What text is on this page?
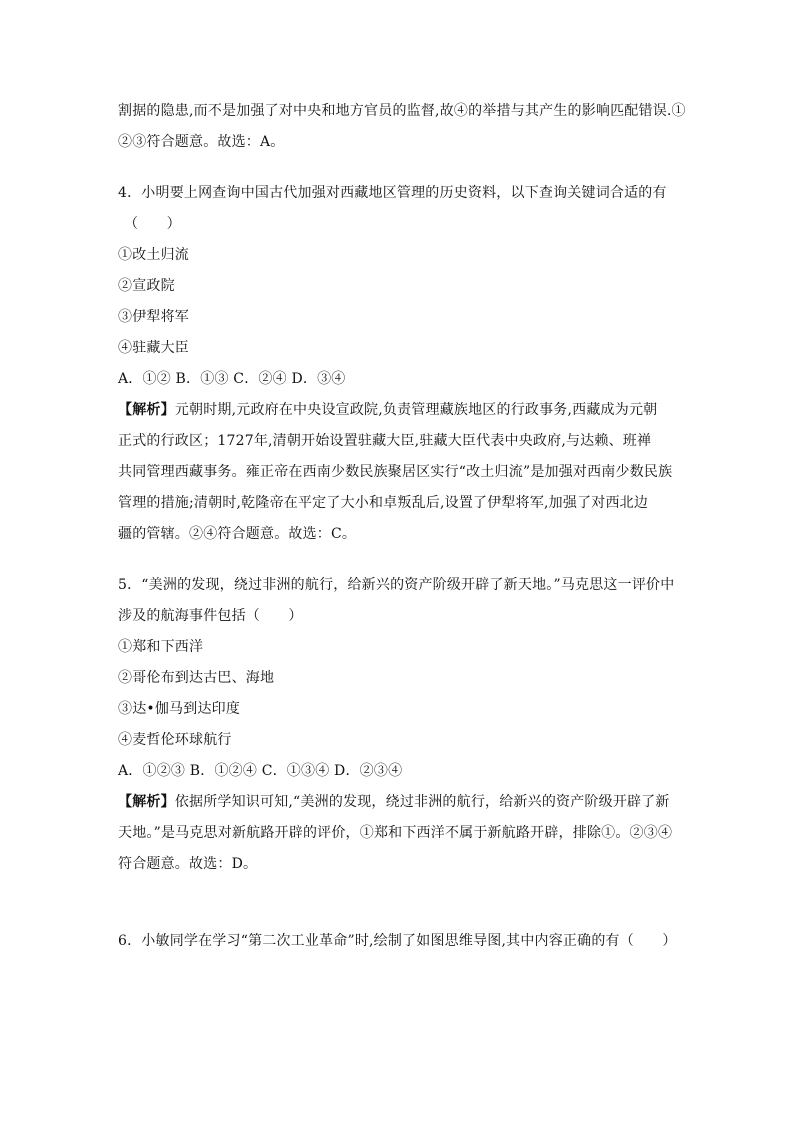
割据的隐患,而不是加强了对中央和地方官员的监督,故④的举措与其产生的影响匹配错误.①
②③符合题意。故选：A。
4．小明要上网查询中国古代加强对西藏地区管理的历史资料，以下查询关键词合适的有
（　　）
①改土归流
②宣政院
③伊犁将军
④驻藏大臣
A．①② B．①③ C．②④ D．③④
【解析】元朝时期,元政府在中央设宣政院,负责管理藏族地区的行政事务,西藏成为元朝
正式的行政区；1727年,清朝开始设置驻藏大臣,驻藏大臣代表中央政府,与达赖、班禅
共同管理西藏事务。雍正帝在西南少数民族聚居区实行“改土归流”是加强对西南少数民族
管理的措施;清朝时,乾隆帝在平定了大小和卓叛乱后,设置了伊犁将军,加强了对西北边
疆的管辖。②④符合题意。故选：C。
5．“美洲的发现，绕过非洲的航行，给新兴的资产阶级开辟了新天地。”马克思这一评价中
涉及的航海事件包括（　　）
①郑和下西洋
②哥伦布到达古巴、海地
③达•伽马到达印度
④麦哲伦环球航行
A．①②③ B．①②④ C．①③④ D．②③④
【解析】依据所学知识可知,“美洲的发现，绕过非洲的航行，给新兴的资产阶级开辟了新
天地。”是马克思对新航路开辟的评价，①郑和下西洋不属于新航路开辟，排除①。②③④
符合题意。故选：D。
6．小敏同学在学习“第二次工业革命”时,绘制了如图思维导图,其中内容正确的有（　　）
